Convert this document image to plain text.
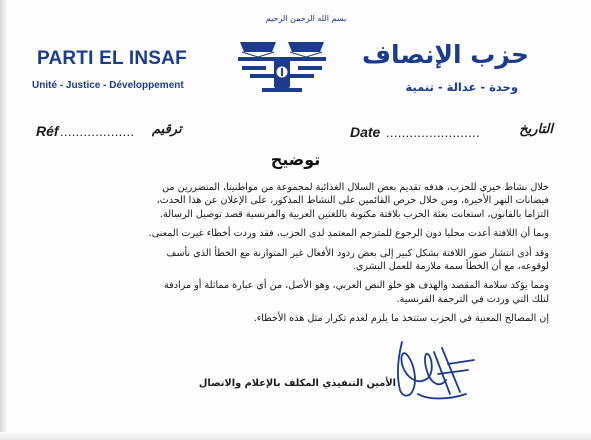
PARTI EL INSAF
Unité - Justice - Développement
حزب الإنصاف
وحدة - عدالة - تنمية
بسم الله الرحمن الرحيم
Réf ................... ترقيم	Date ........................	التاريخ
توضيح

خلال نشاط خيري للحزب، هدفه تقديم بعض السلال الغذائية لمجموعة من مواطنينا، المتضررين من
فيضانات النهر الأخيرة، ومن خلال حرص القائمين على النشاط المذكور، على الإعلان عن هذا الحدث،
التزاما بالقانون، استعانت بعثة الحزب بلافتة مكتوبة باللغتين العربية والفرنسية قصد توصيل الرسالة.

وبما أن اللافتة أعدت محليا دون الرجوع للمترجم المعتمد لدى الحزب، فقد وردت أخطاء غيرت المعنى.

وقد أدى انتشار صور اللافتة بشكل كبير إلى بعض ردود الأفعال غير المتوازنة مع الخطأ الذي نأسف
لوقوعه، مع أن الخطأ سمة ملازمة للعمل البشري.

ومما يؤكد سلامة المقصد والهدف هو خلو النص العربي، وهو الأصل، من أي عبارة مماثلة أو مرادفة
لتلك التي وردت في الترجمة الفرنسية.

إن المصالح المعنية في الحزب ستتخذ ما يلزم لعدم تكرار مثل هذه الأخطاء.

الأمين التنفيذي المكلف بالإعلام والاتصال
